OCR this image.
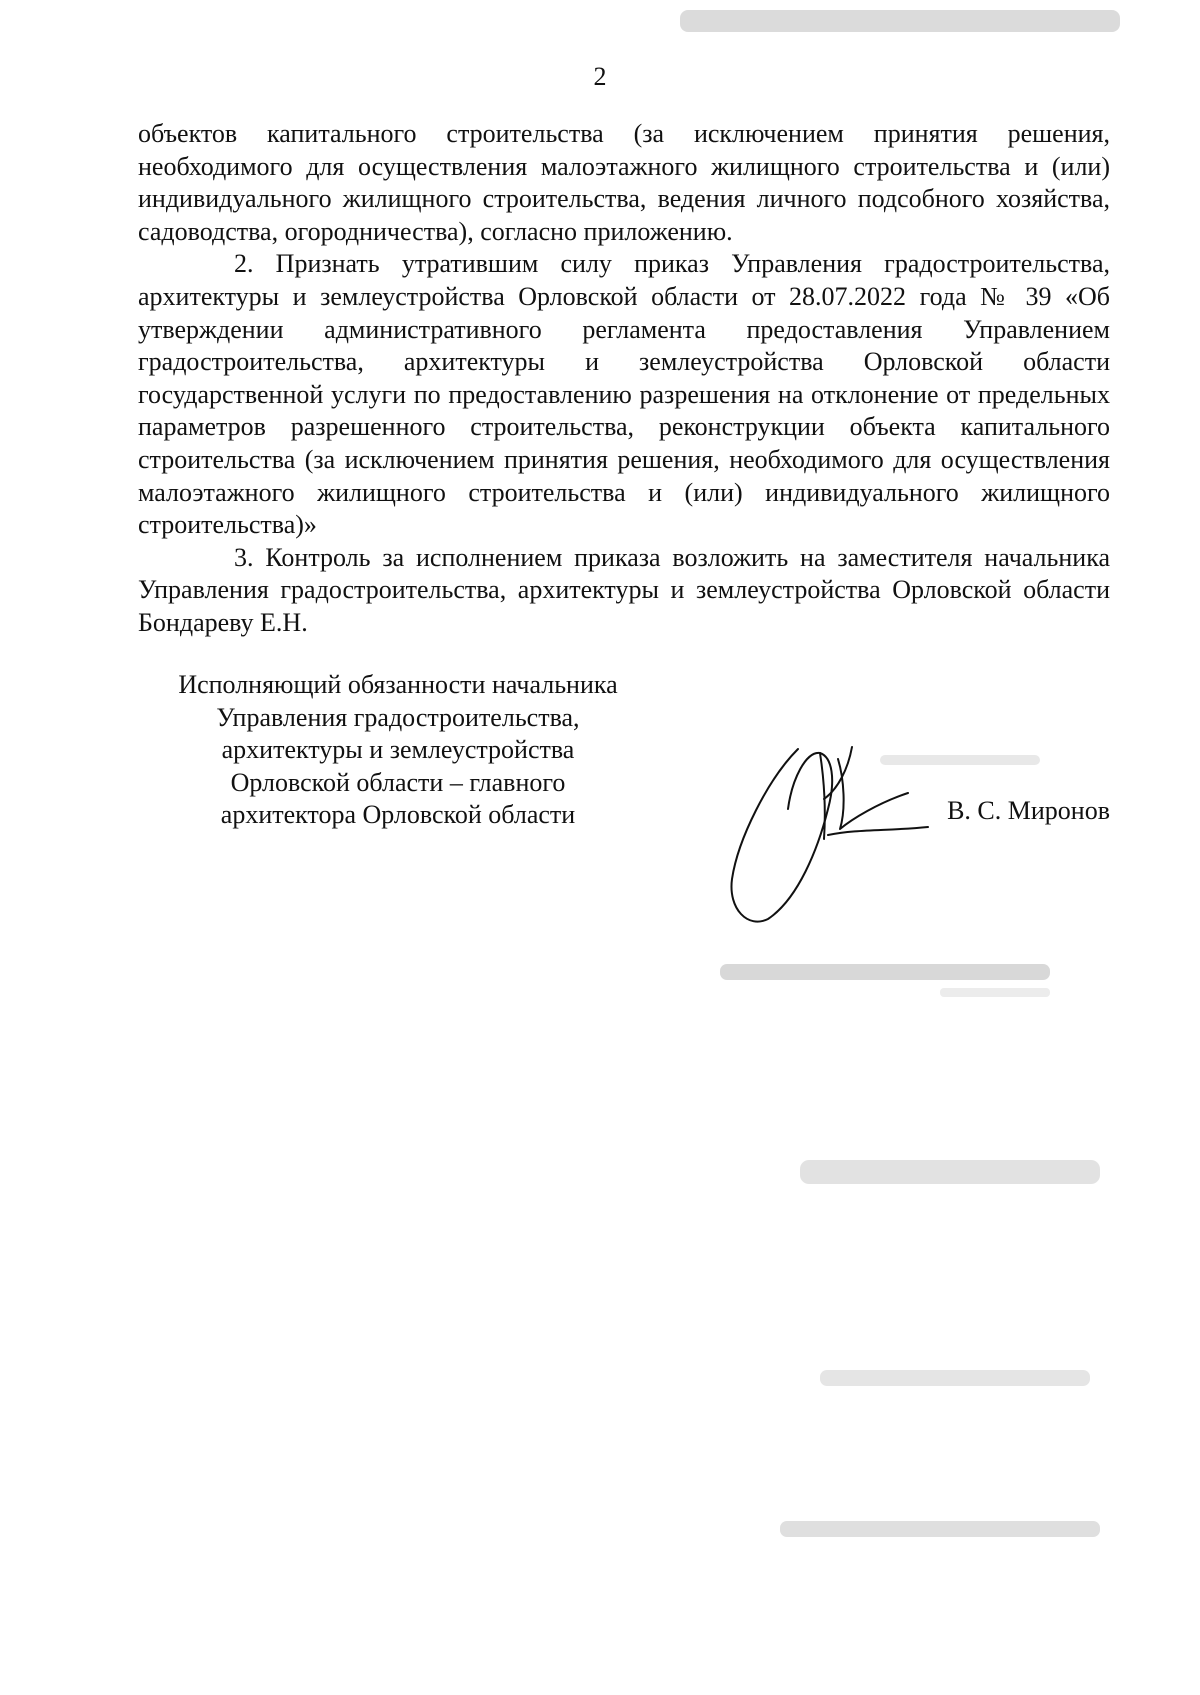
2

объектов капитального строительства (за исключением принятия решения, необходимого для осуществления малоэтажного жилищного строительства и (или) индивидуального жилищного строительства, ведения личного подсобного хозяйства, садоводства, огородничества), согласно приложению.

2. Признать утратившим силу приказ Управления градостроительства, архитектуры и землеустройства Орловской области от 28.07.2022 года № 39 «Об утверждении административного регламента предоставления Управлением градостроительства, архитектуры и землеустройства Орловской области государственной услуги по предоставлению разрешения на отклонение от предельных параметров разрешенного строительства, реконструкции объекта капитального строительства (за исключением принятия решения, необходимого для осуществления малоэтажного жилищного строительства и (или) индивидуального жилищного строительства)»

3. Контроль за исполнением приказа возложить на заместителя начальника Управления градостроительства, архитектуры и землеустройства Орловской области Бондареву Е.Н.

Исполняющий обязанности начальника
Управления градостроительства,
архитектуры и землеустройства
Орловской области – главного
архитектора Орловской области	В. С. Миронов
